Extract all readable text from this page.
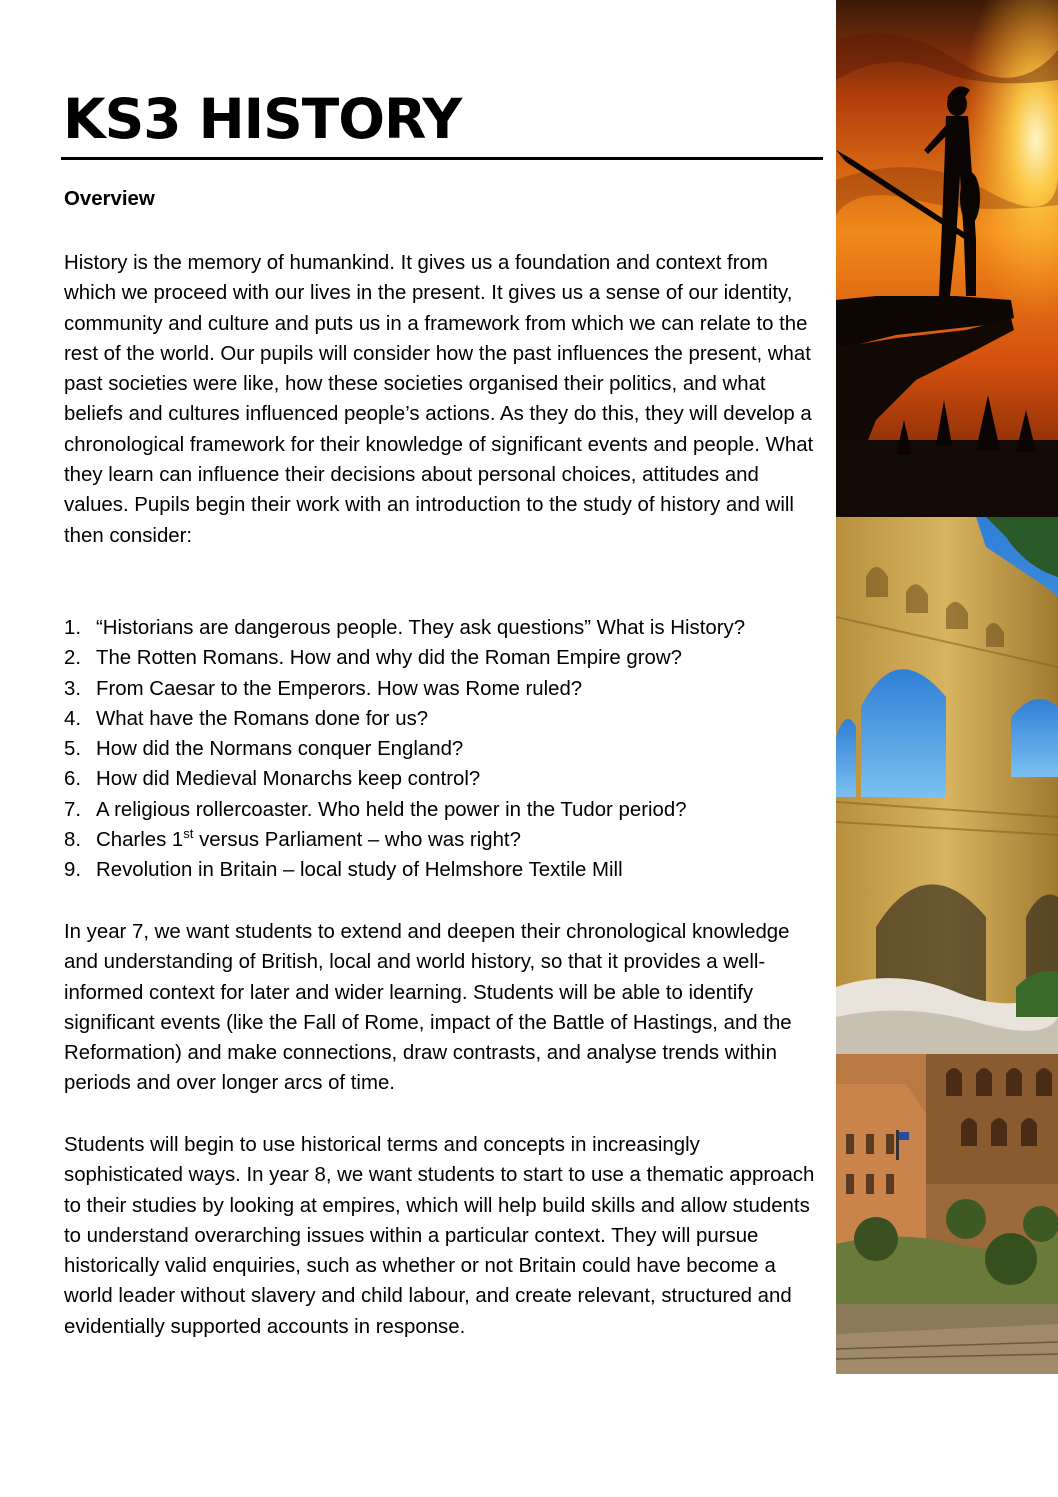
KS3 HISTORY
Overview

History is the memory of humankind. It gives us a foundation and context from which we proceed with our lives in the present. It gives us a sense of our identity, community and culture and puts us in a framework from which we can relate to the rest of the world. Our pupils will consider how the past influences the present, what past societies were like, how these societies organised their politics, and what beliefs and cultures influenced people’s actions. As they do this, they will develop a chronological framework for their knowledge of significant events and people. What they learn can influence their decisions about personal choices, attitudes and values. Pupils begin their work with an introduction to the study of history and will then consider:

1. “Historians are dangerous people. They ask questions” What is History?
2. The Rotten Romans. How and why did the Roman Empire grow?
3. From Caesar to the Emperors. How was Rome ruled?
4. What have the Romans done for us?
5. How did the Normans conquer England?
6. How did Medieval Monarchs keep control?
7. A religious rollercoaster. Who held the power in the Tudor period?
8. Charles 1st versus Parliament – who was right?
9. Revolution in Britain – local study of Helmshore Textile Mill

In year 7, we want students to extend and deepen their chronological knowledge and understanding of British, local and world history, so that it provides a well-informed context for later and wider learning. Students will be able to identify significant events (like the Fall of Rome, impact of the Battle of Hastings, and the Reformation) and make connections, draw contrasts, and analyse trends within periods and over longer arcs of time.

Students will begin to use historical terms and concepts in increasingly sophisticated ways. In year 8, we want students to start to use a thematic approach to their studies by looking at empires, which will help build skills and allow students to understand overarching issues within a particular context. They will pursue historically valid enquiries, such as whether or not Britain could have become a world leader without slavery and child labour, and create relevant, structured and evidentially supported accounts in response.
